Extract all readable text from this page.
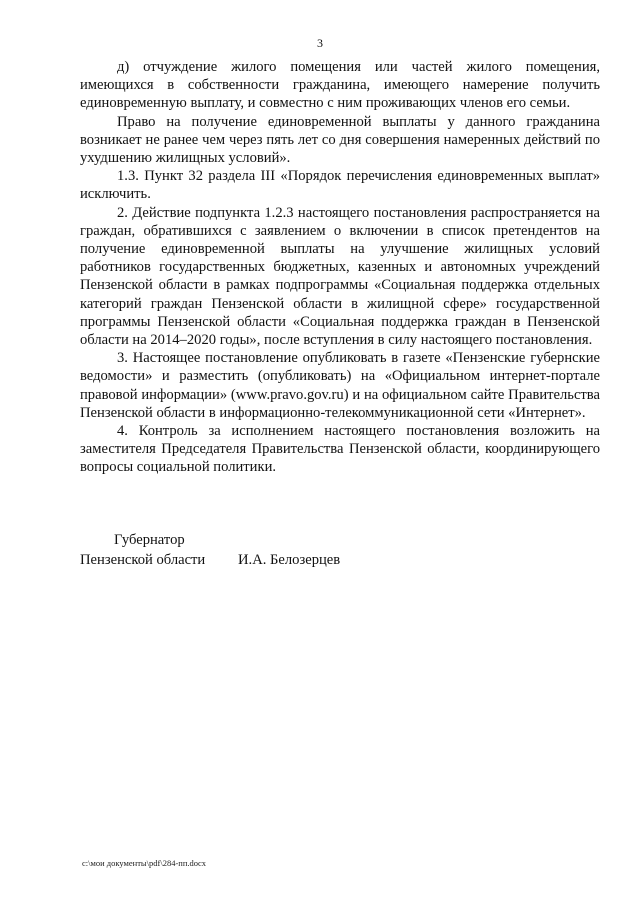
3

д) отчуждение жилого помещения или частей жилого помещения, имеющихся в собственности гражданина, имеющего намерение получить единовременную выплату, и совместно с ним проживающих членов его семьи.

Право на получение единовременной выплаты у данного гражданина возникает не ранее чем через пять лет со дня совершения намеренных действий по ухудшению жилищных условий».

1.3. Пункт 32 раздела III «Порядок перечисления единовременных выплат» исключить.

2. Действие подпункта 1.2.3 настоящего постановления распространяется на граждан, обратившихся с заявлением о включении в список претендентов на получение единовременной выплаты на улучшение жилищных условий работников государственных бюджетных, казенных и автономных учреждений Пензенской области в рамках подпрограммы «Социальная поддержка отдельных категорий граждан Пензенской области в жилищной сфере» государственной программы Пензенской области «Социальная поддержка граждан в Пензенской области на 2014–2020 годы», после вступления в силу настоящего постановления.

3. Настоящее постановление опубликовать в газете «Пензенские губернские ведомости» и разместить (опубликовать) на «Официальном интернет-портале правовой информации» (www.pravo.gov.ru) и на официальном сайте Правительства Пензенской области в информационно-телекоммуникационной сети «Интернет».

4. Контроль за исполнением настоящего постановления возложить на заместителя Председателя Правительства Пензенской области, координирующего вопросы социальной политики.

Губернатор
Пензенской области И.А. Белозерцев
c:\мои документы\pdf\284-пп.docx
